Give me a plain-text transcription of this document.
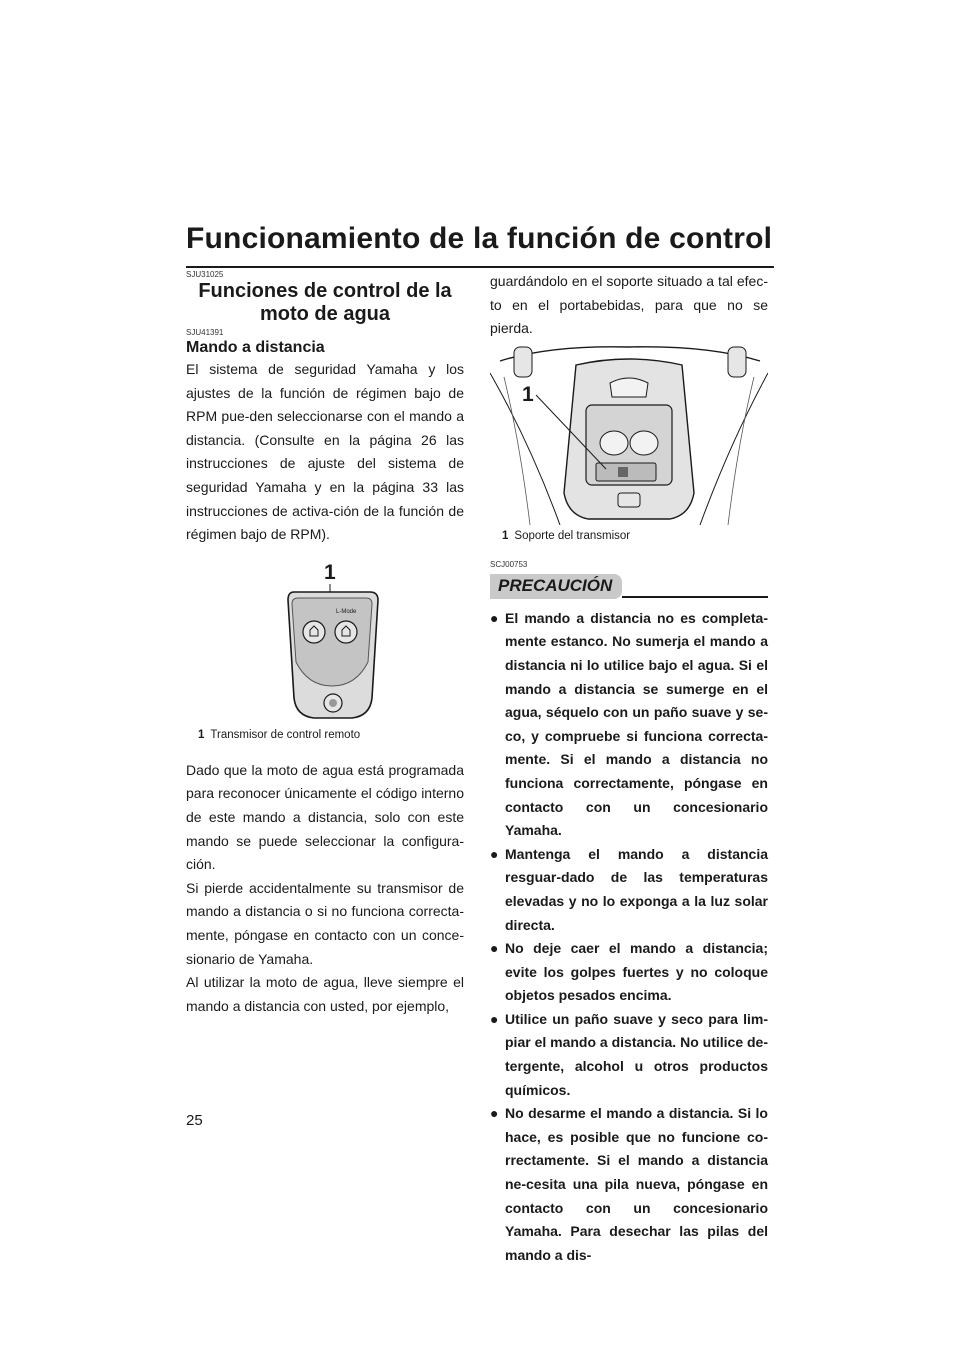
Funcionamiento de la función de control

SJU31025

Funciones de control de la

moto de agua

SJU41391

Mando a distancia

El sistema de seguridad Yamaha y los ajustes de la función de régimen bajo de RPM pue-den seleccionarse con el mando a distancia. (Consulte en la página 26 las instrucciones de ajuste del sistema de seguridad Yamaha y en la página 33 las instrucciones de activa-ción de la función de régimen bajo de RPM).

1
L-Mode

1 Transmisor de control remoto

Dado que la moto de agua está programada para reconocer únicamente el código interno de este mando a distancia, solo con este mando se puede seleccionar la configura-ción.

Si pierde accidentalmente su transmisor de mando a distancia o si no funciona correcta-mente, póngase en contacto con un conce-sionario de Yamaha.

Al utilizar la moto de agua, lleve siempre el mando a distancia con usted, por ejemplo,

guardándolo en el soporte situado a tal efec-to en el portabebidas, para que no se pierda.

1

1 Soporte del transmisor

SCJ00753

PRECAUCIÓN
● El mando a distancia no es completa-mente estanco. No sumerja el mando a distancia ni lo utilice bajo el agua. Si el mando a distancia se sumerge en el agua, séquelo con un paño suave y se-co, y compruebe si funciona correcta-mente. Si el mando a distancia no funciona correctamente, póngase en contacto con un concesionario Yamaha.
● Mantenga el mando a distancia resguar-dado de las temperaturas elevadas y no lo exponga a la luz solar directa.
● No deje caer el mando a distancia; evite los golpes fuertes y no coloque objetos pesados encima.
● Utilice un paño suave y seco para lim-piar el mando a distancia. No utilice de-tergente, alcohol u otros productos químicos.
● No desarme el mando a distancia. Si lo hace, es posible que no funcione co-rrectamente. Si el mando a distancia ne-cesita una pila nueva, póngase en contacto con un concesionario Yamaha. Para desechar las pilas del mando a dis-

25
